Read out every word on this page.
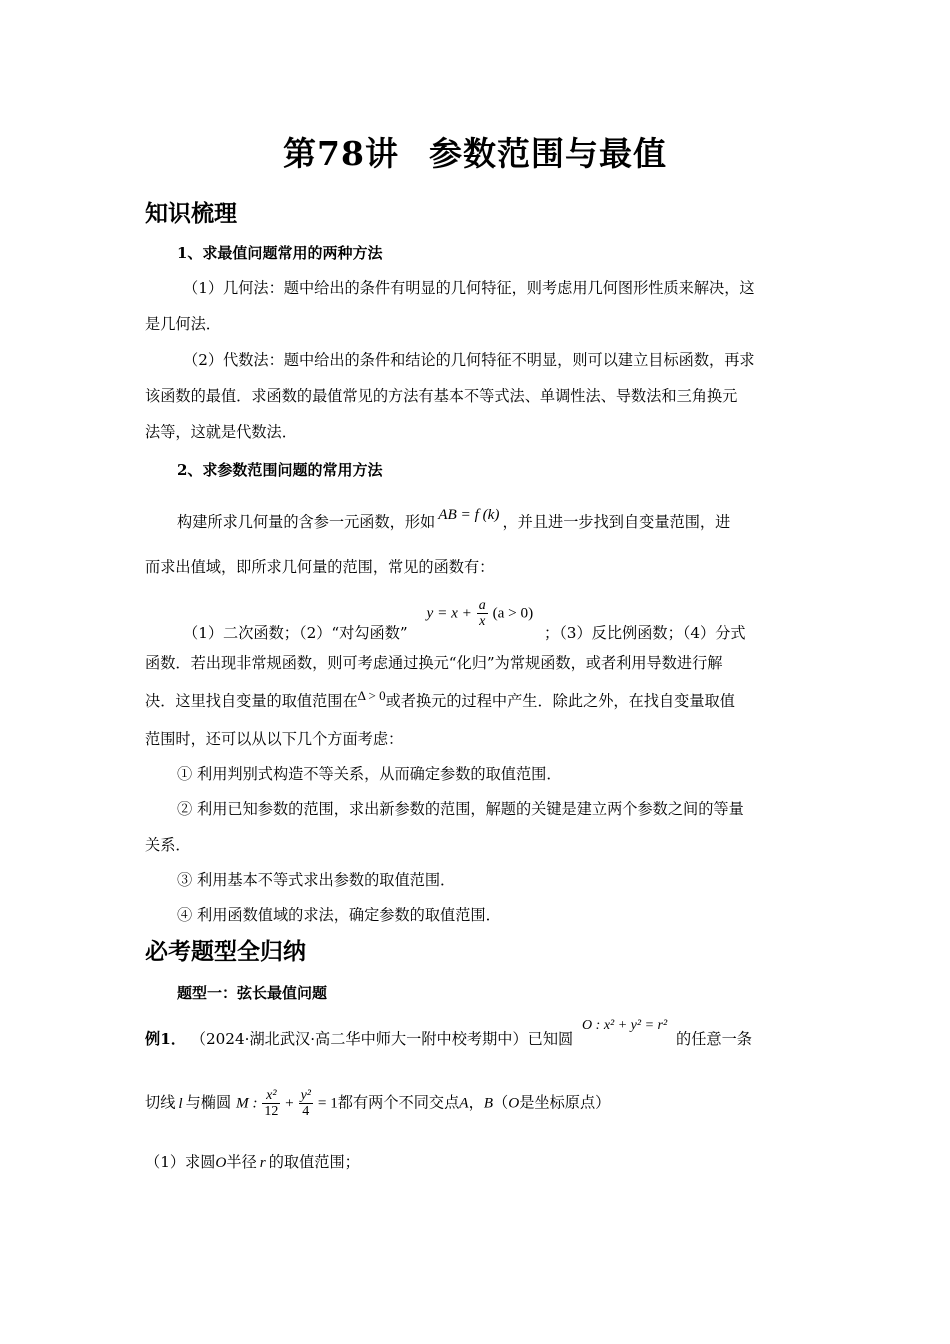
第78讲 参数范围与最值
知识梳理
1、求最值问题常用的两种方法
（1）几何法：题中给出的条件有明显的几何特征，则考虑用几何图形性质来解决，这
是几何法．
（2）代数法：题中给出的条件和结论的几何特征不明显，则可以建立目标函数，再求
该函数的最值．求函数的最值常见的方法有基本不等式法、单调性法、导数法和三角换元
法等，这就是代数法．
2、求参数范围问题的常用方法
构建所求几何量的含参一元函数，形如 AB = f (k) ，并且进一步找到自变量范围，进
而求出值域，即所求几何量的范围，常见的函数有：
（1）二次函数；（2）“对勾函数” $y = x + \frac{a}{x} (a > 0)$ ；（3）反比例函数；（4）分式
函数．若出现非常规函数，则可考虑通过换元“化归”为常规函数，或者利用导数进行解
决．这里找自变量的取值范围在Δ > 0或者换元的过程中产生．除此之外，在找自变量取值
范围时，还可以从以下几个方面考虑：
① 利用判别式构造不等关系，从而确定参数的取值范围．
② 利用已知参数的范围，求出新参数的范围，解题的关键是建立两个参数之间的等量
关系．
③ 利用基本不等式求出参数的取值范围．
④ 利用函数值域的求法，确定参数的取值范围．
必考题型全归纳
题型一：弦长最值问题
例1． （2024·湖北武汉·高二华中师大一附中校考期中）已知圆 O : x² + y² = r² 的任意一条
切线 l 与椭圆 M : $\frac{\text{x²}}{12} + \frac{\text{y²}}{4} = 1$都有两个不同交点A，B（O是坐标原点）
（1）求圆O半径 r 的取值范围；
